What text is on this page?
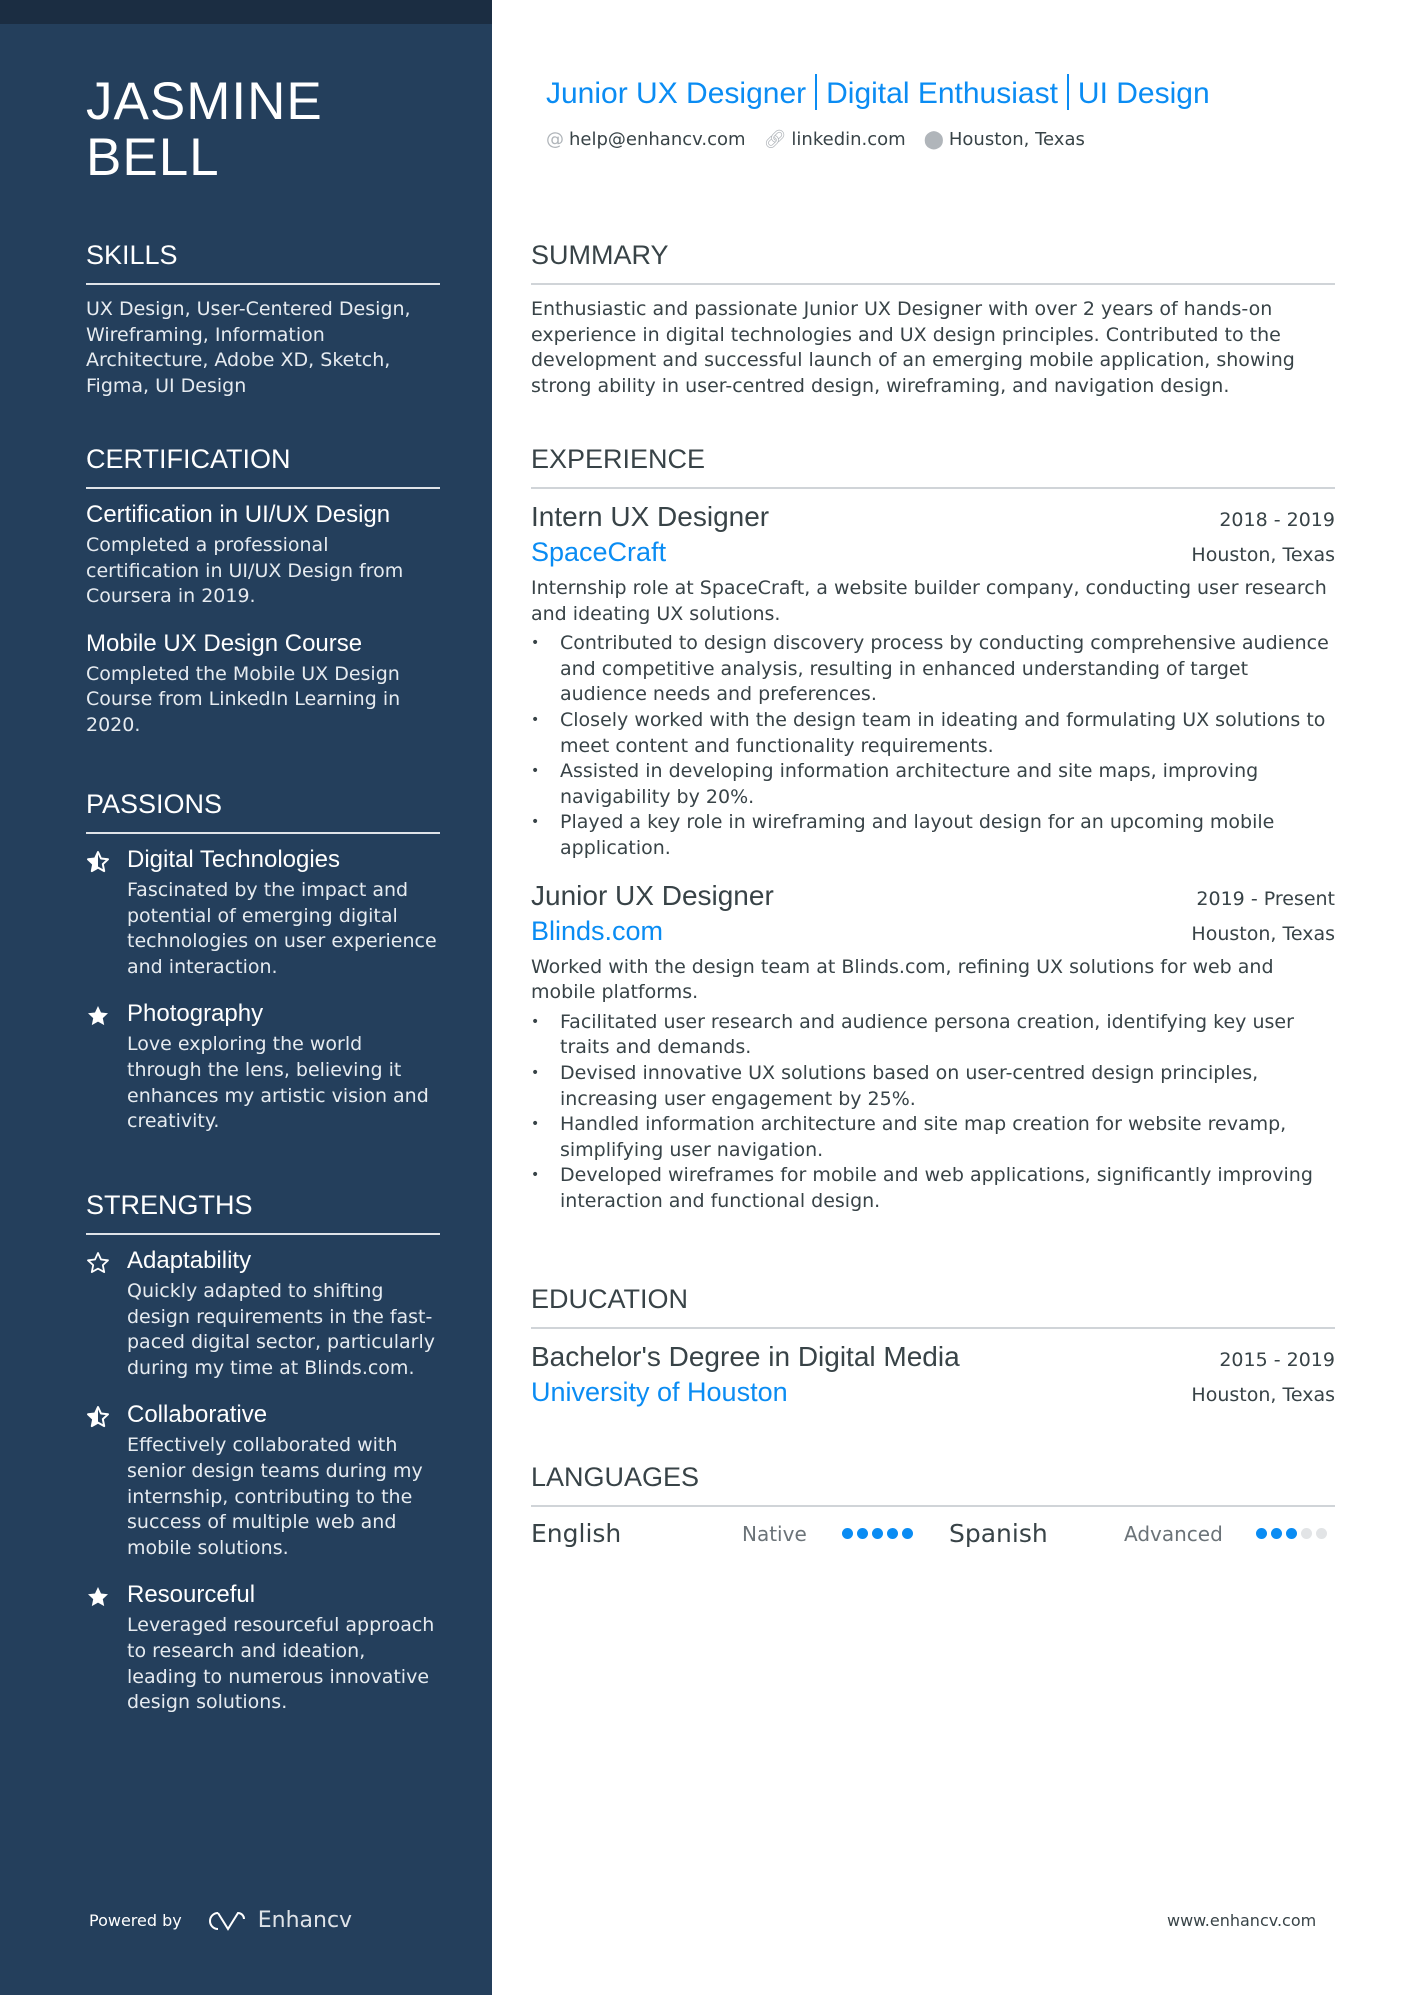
JASMINE
BELL
SKILLS
UX Design, User-Centered Design, Wireframing, Information Architecture, Adobe XD, Sketch, Figma, UI Design
CERTIFICATION
Certification in UI/UX Design
Completed a professional certification in UI/UX Design from Coursera in 2019.
Mobile UX Design Course
Completed the Mobile UX Design Course from LinkedIn Learning in 2020.
PASSIONS
Digital Technologies
Fascinated by the impact and potential of emerging digital technologies on user experience and interaction.
Photography
Love exploring the world through the lens, believing it enhances my artistic vision and creativity.
STRENGTHS
Adaptability
Quickly adapted to shifting design requirements in the fast-paced digital sector, particularly during my time at Blinds.com.
Collaborative
Effectively collaborated with senior design teams during my internship, contributing to the success of multiple web and mobile solutions.
Resourceful
Leveraged resourceful approach to research and ideation, leading to numerous innovative design solutions.
Powered by	Enhancv
Junior UX Designer Digital Enthusiast UI Design
@ help@enhancv.com 🔗︎ linkedin.com ⬤ Houston, Texas
SUMMARY
Enthusiastic and passionate Junior UX Designer with over 2 years of hands-on experience in digital technologies and UX design principles. Contributed to the development and successful launch of an emerging mobile application, showing strong ability in user-centred design, wireframing, and navigation design.
EXPERIENCE
Intern UX Designer	2018 - 2019
SpaceCraft	Houston, Texas
Internship role at SpaceCraft, a website builder company, conducting user research and ideating UX solutions.
• Contributed to design discovery process by conducting comprehensive audience and competitive analysis, resulting in enhanced understanding of target audience needs and preferences.
• Closely worked with the design team in ideating and formulating UX solutions to meet content and functionality requirements.
• Assisted in developing information architecture and site maps, improving navigability by 20%.
• Played a key role in wireframing and layout design for an upcoming mobile application.
Junior UX Designer	2019 - Present
Blinds.com	Houston, Texas
Worked with the design team at Blinds.com, refining UX solutions for web and mobile platforms.
• Facilitated user research and audience persona creation, identifying key user traits and demands.
• Devised innovative UX solutions based on user-centred design principles, increasing user engagement by 25%.
• Handled information architecture and site map creation for website revamp, simplifying user navigation.
• Developed wireframes for mobile and web applications, significantly improving interaction and functional design.
EDUCATION
Bachelor's Degree in Digital Media	2015 - 2019
University of Houston	Houston, Texas
LANGUAGES
English	Native	Spanish	Advanced
www.enhancv.com
